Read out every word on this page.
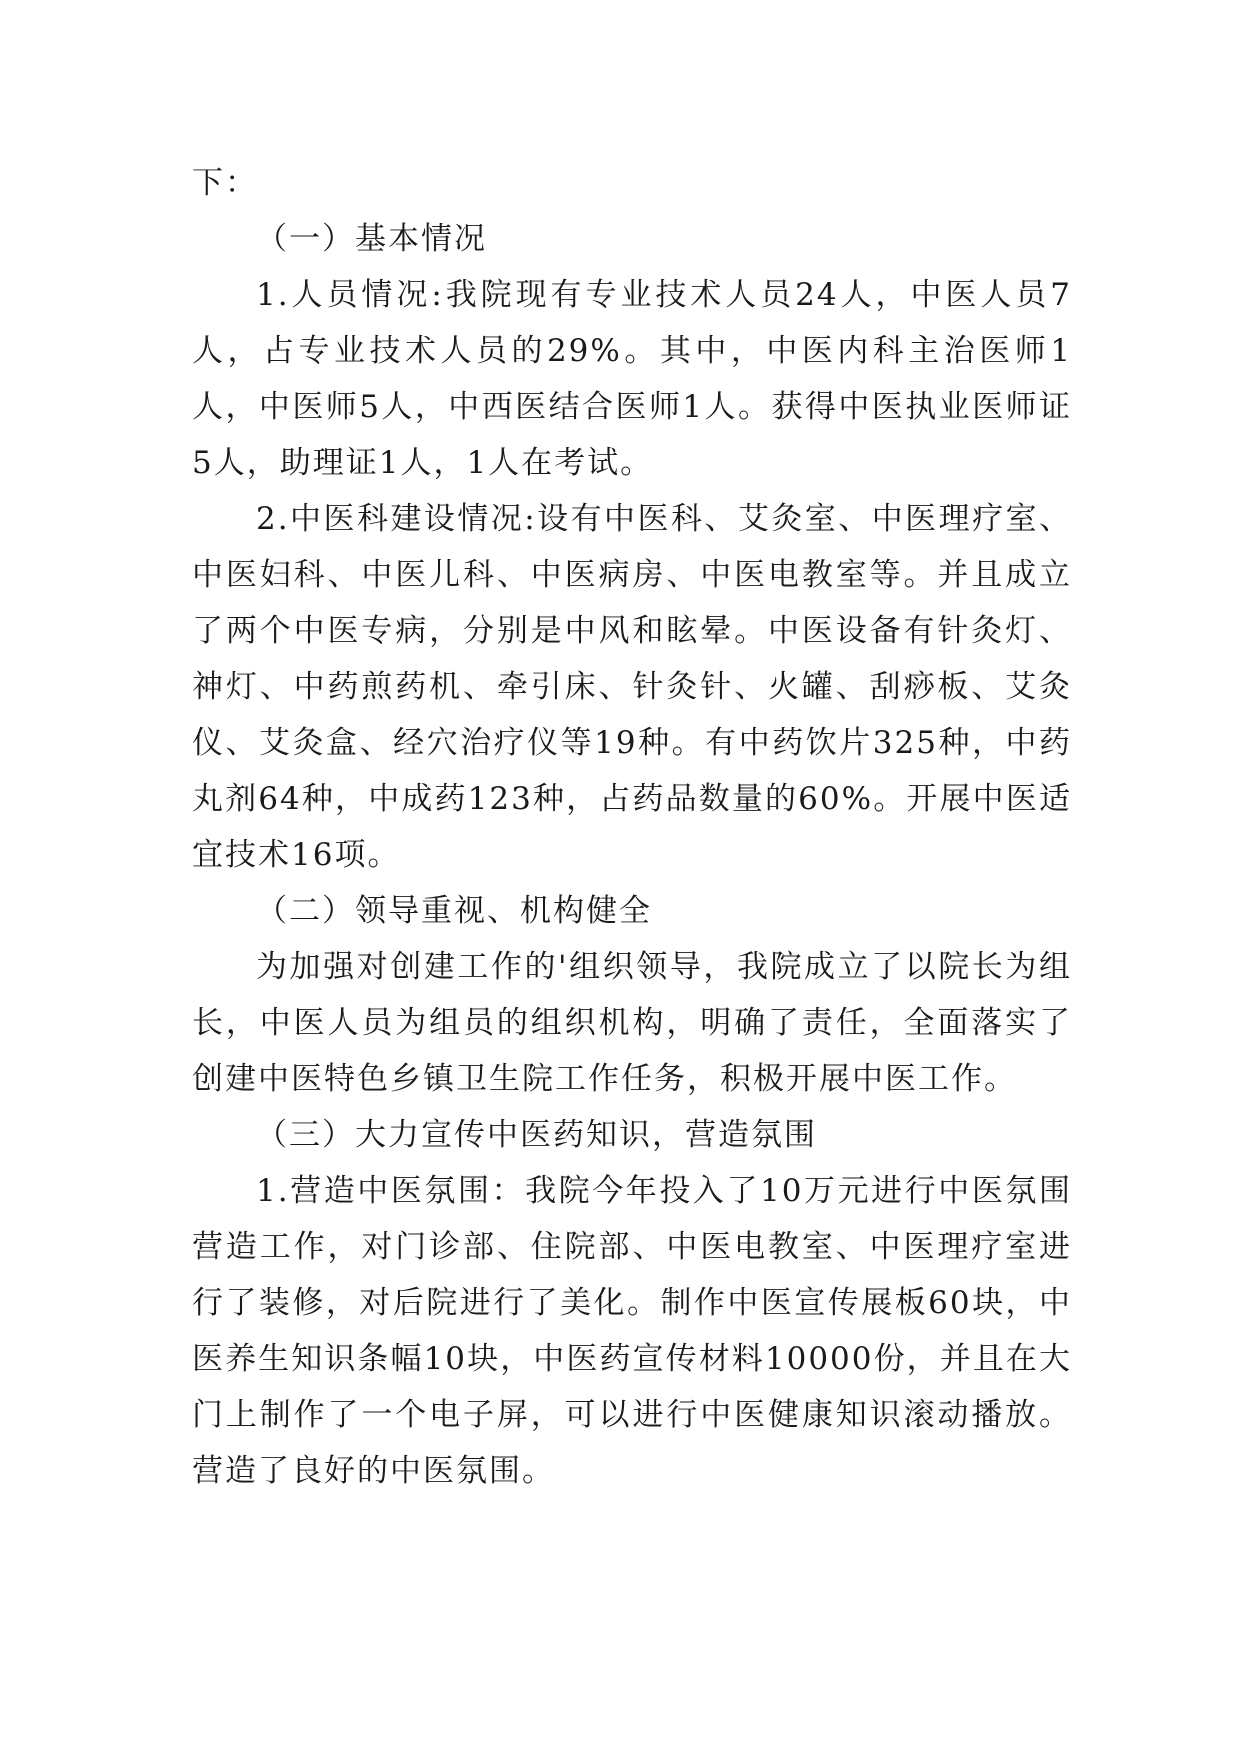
下：

（一）基本情况

1.人员情况:我院现有专业技术人员24人，中医人员7人，占专业技术人员的29%。其中，中医内科主治医师1人，中医师5人，中西医结合医师1人。获得中医执业医师证5人，助理证1人，1人在考试。

2.中医科建设情况:设有中医科、艾灸室、中医理疗室、中医妇科、中医儿科、中医病房、中医电教室等。并且成立了两个中医专病，分别是中风和眩晕。中医设备有针灸灯、神灯、中药煎药机、牵引床、针灸针、火罐、刮痧板、艾灸仪、艾灸盒、经穴治疗仪等19种。有中药饮片325种，中药丸剂64种，中成药123种，占药品数量的60%。开展中医适宜技术16项。

（二）领导重视、机构健全

为加强对创建工作的'组织领导，我院成立了以院长为组长，中医人员为组员的组织机构，明确了责任，全面落实了创建中医特色乡镇卫生院工作任务，积极开展中医工作。

（三）大力宣传中医药知识，营造氛围

1.营造中医氛围：我院今年投入了10万元进行中医氛围营造工作，对门诊部、住院部、中医电教室、中医理疗室进行了装修，对后院进行了美化。制作中医宣传展板60块，中医养生知识条幅10块，中医药宣传材料10000份，并且在大门上制作了一个电子屏，可以进行中医健康知识滚动播放。营造了良好的中医氛围。
